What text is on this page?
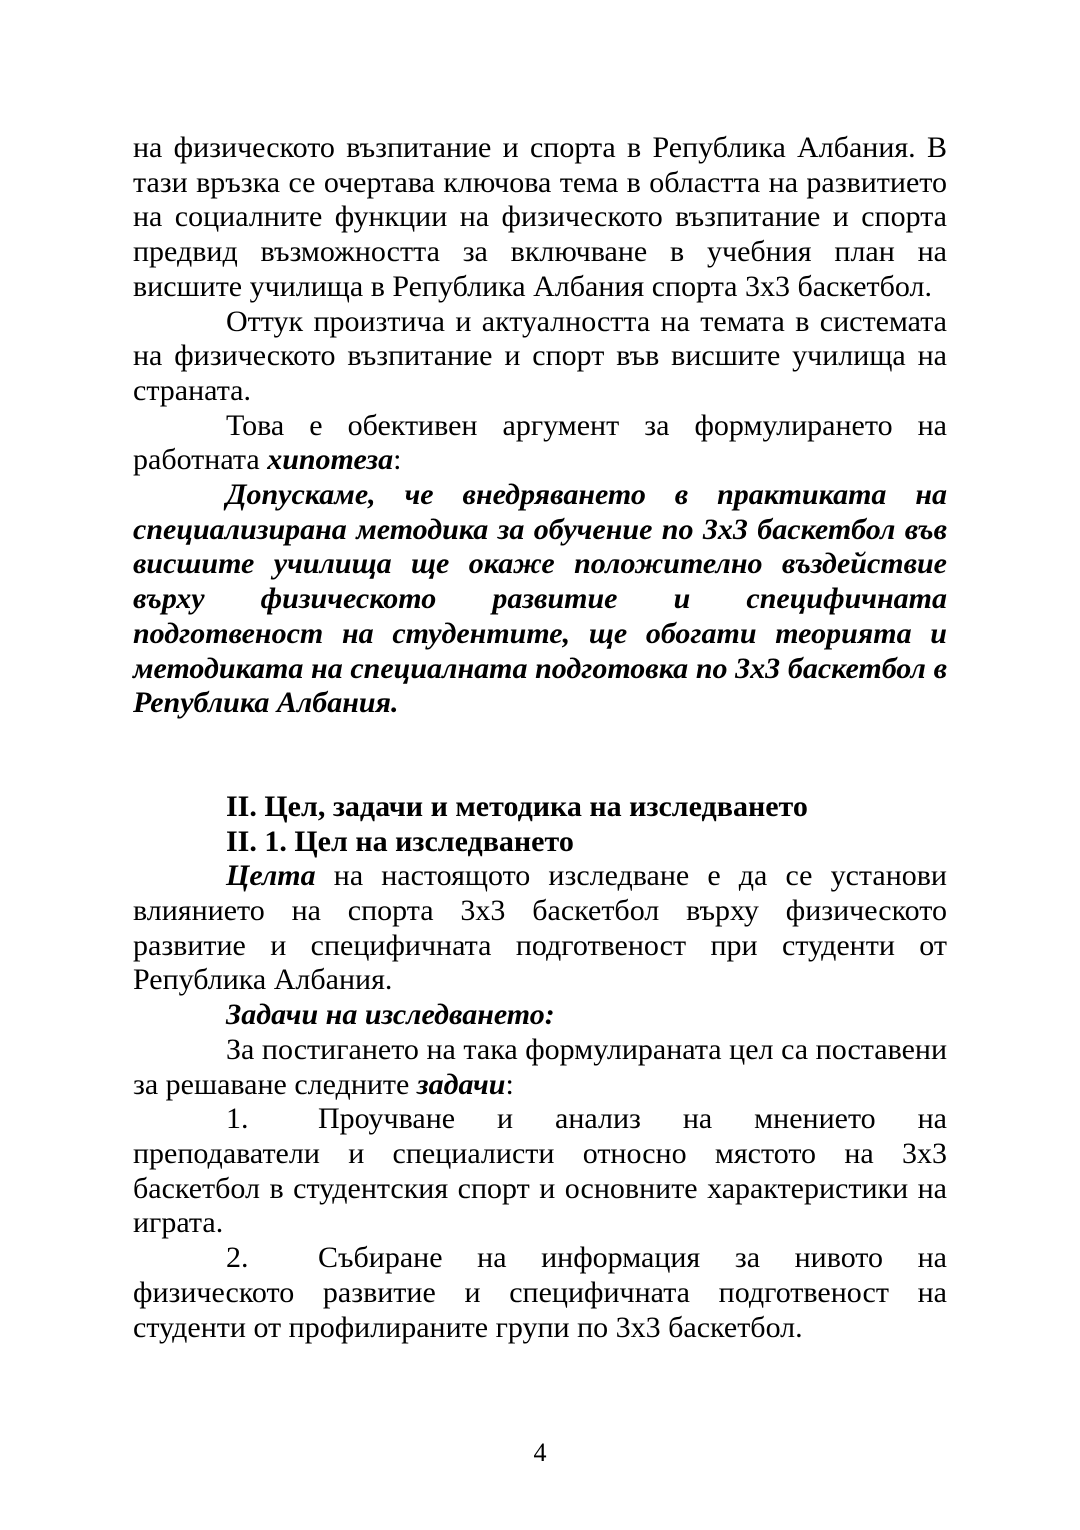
на физическото възпитание и спорта в Република Албания. В тази връзка се очертава ключова тема в областта на развитието на социалните функции на физическото възпитание и спорта предвид възможността за включване в учебния план на висшите училища в Република Албания спорта 3х3 баскетбол.

Оттук произтича и актуалността на темата в системата на физическото възпитание и спорт във висшите училища на страната.

Това е обективен аргумент за формулирането на работната хипотеза:

Допускаме, че внедряването в практиката на специализирана методика за обучение по 3х3 баскетбол във висшите училища ще окаже положително въздействие върху физическото развитие и специфичната подготвеност на студентите, ще обогати теорията и методиката на специалната подготовка по 3х3 баскетбол в Република Албания.

II. Цел, задачи и методика на изследването

II. 1. Цел на изследването

Целта на настоящото изследване е да се установи влиянието на спорта 3х3 баскетбол върху физическото развитие и специфичната подготвеност при студенти от Република Албания.

Задачи на изследването:

За постигането на така формулираната цел са поставени за решаване следните задачи:

1. Проучване и анализ на мнението на преподаватели и специалисти относно мястото на 3х3 баскетбол в студентския спорт и основните характеристики на играта.

2. Събиране на информация за нивото на физическото развитие и специфичната подготвеност на студенти от профилираните групи по 3х3 баскетбол.

4
